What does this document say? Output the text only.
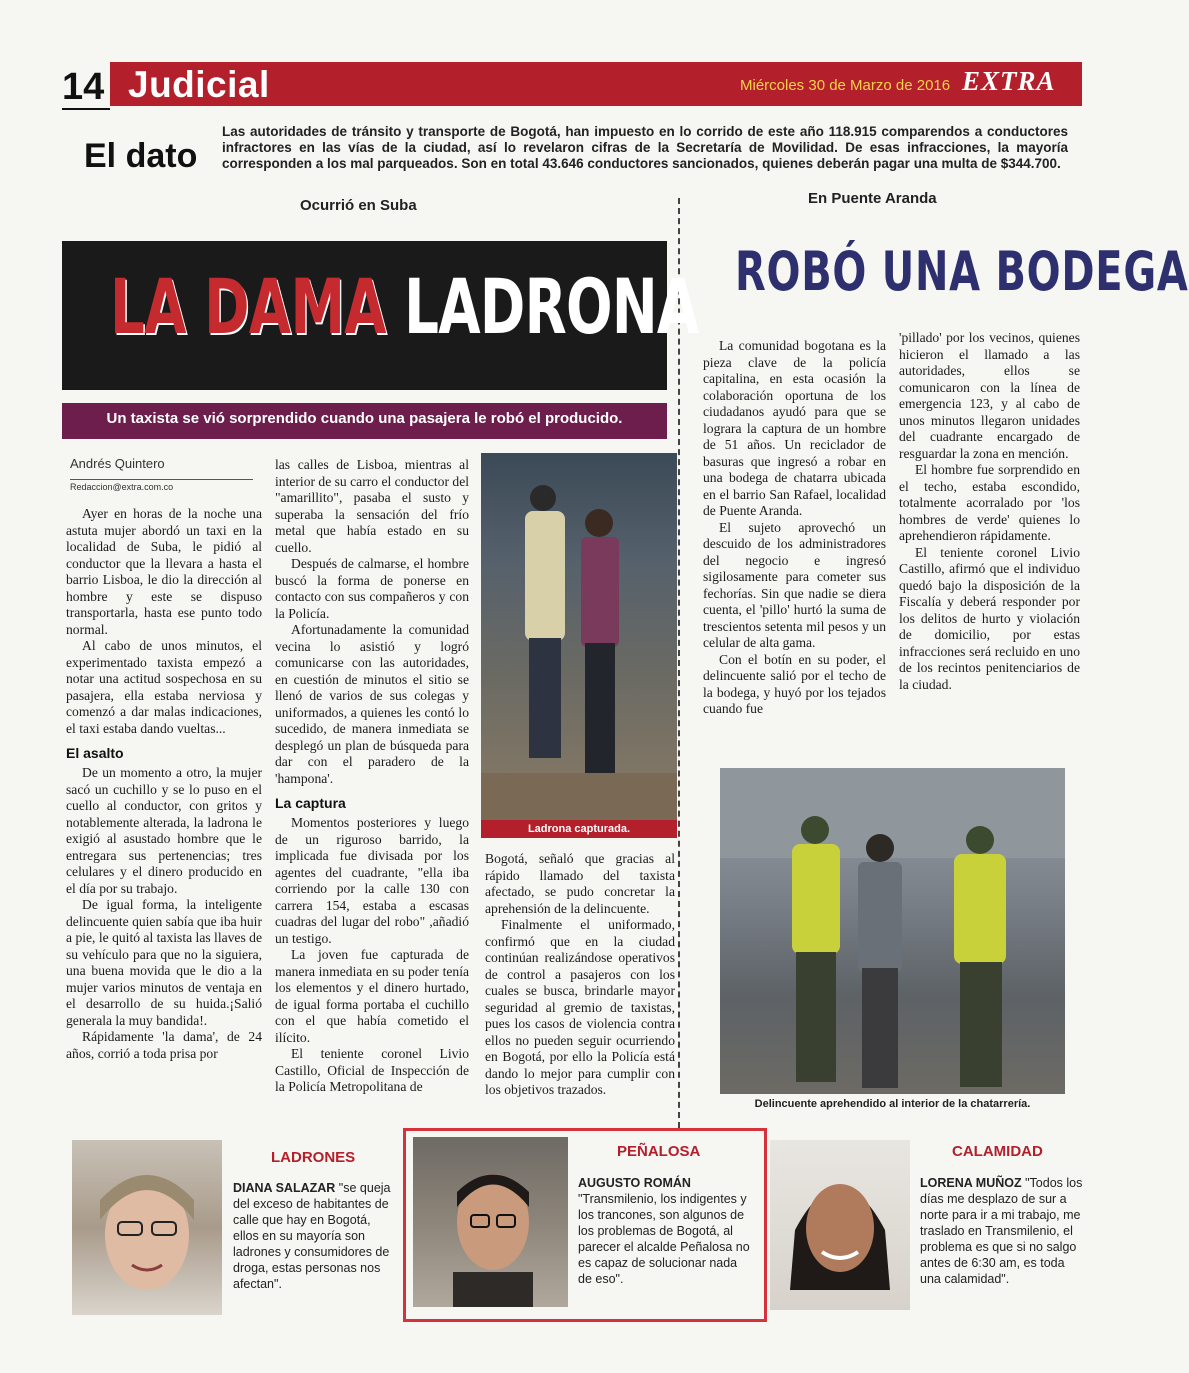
14 Judicial	Miércoles 30 de Marzo de 2016 EXTRA
El dato
Las autoridades de tránsito y transporte de Bogotá, han impuesto en lo corrido de este año 118.915 comparendos a conductores infractores en las vías de la ciudad, así lo revelaron cifras de la Secretaría de Movilidad. De esas infracciones, la mayoría corresponden a los mal parqueados. Son en total 43.646 conductores sancionados, quienes deberán pagar una multa de $344.700.
Ocurrió en Suba
LA DAMA LADRONA
Un taxista se vió sorprendido cuando una pasajera le robó el producido.
Andrés Quintero
Redaccion@extra.com.co

Ayer en horas de la noche una astuta mujer abordó un taxi en la localidad de Suba, le pidió al conductor que la llevara a hasta el barrio Lisboa, le dio la dirección al hombre y este se dispuso transportarla, hasta ese punto todo normal.

Al cabo de unos minutos, el experimentado taxista empezó a notar una actitud sospechosa en su pasajera, ella estaba nerviosa y comenzó a dar malas indicaciones, el taxi estaba dando vueltas...

El asalto

De un momento a otro, la mujer sacó un cuchillo y se lo puso en el cuello al conductor, con gritos y notablemente alterada, la ladrona le exigió al asustado hombre que le entregara sus pertenencias; tres celulares y el dinero producido en el día por su trabajo.

De igual forma, la inteligente delincuente quien sabía que iba huir a pie, le quitó al taxista las llaves de su vehículo para que no la siguiera, una buena movida que le dio a la mujer varios minutos de ventaja en el desarrollo de su huida.¡Salió generala la muy bandida!.

Rápidamente 'la dama', de 24 años, corrió a toda prisa por

las calles de Lisboa, mientras al interior de su carro el conductor del "amarillito", pasaba el susto y superaba la sensación del frío metal que había estado en su cuello.

Después de calmarse, el hombre buscó la forma de ponerse en contacto con sus compañeros y con la Policía.

Afortunadamente la comunidad vecina lo asistió y logró comunicarse con las autoridades, en cuestión de minutos el sitio se llenó de varios de sus colegas y uniformados, a quienes les contó lo sucedido, de manera inmediata se desplegó un plan de búsqueda para dar con el paradero de la 'hampona'.

La captura

Momentos posteriores y luego de un riguroso barrido, la implicada fue divisada por los agentes del cuadrante, "ella iba corriendo por la calle 130 con carrera 154, estaba a escasas cuadras del lugar del robo" ,añadió un testigo.

La joven fue capturada de manera inmediata en su poder tenía los elementos y el dinero hurtado, de igual forma portaba el cuchillo con el que había cometido el ilícito.

El teniente coronel Livio Castillo, Oficial de Inspección de la Policía Metropolitana de

Ladrona capturada.

Bogotá, señaló que gracias al rápido llamado del taxista afectado, se pudo concretar la aprehensión de la delincuente.

Finalmente el uniformado, confirmó que en la ciudad continúan realizándose operativos de control a pasajeros con los cuales se busca, brindarle mayor seguridad al gremio de taxistas, pues los casos de violencia contra ellos no pueden seguir ocurriendo en Bogotá, por ello la Policía está dando lo mejor para cumplir con los objetivos trazados.

En Puente Aranda
ROBÓ UNA BODEGA

La comunidad bogotana es la pieza clave de la policía capitalina, en esta ocasión la colaboración oportuna de los ciudadanos ayudó para que se lograra la captura de un hombre de 51 años. Un reciclador de basuras que ingresó a robar en una bodega de chatarra ubicada en el barrio San Rafael, localidad de Puente Aranda.

El sujeto aprovechó un descuido de los administradores del negocio e ingresó sigilosamente para cometer sus fechorías. Sin que nadie se diera cuenta, el 'pillo' hurtó la suma de trescientos setenta mil pesos y un celular de alta gama.

Con el botín en su poder, el delincuente salió por el techo de la bodega, y huyó por los tejados cuando fue

'pillado' por los vecinos, quienes hicieron el llamado a las autoridades, ellos se comunicaron con la línea de emergencia 123, y al cabo de unos minutos llegaron unidades del cuadrante encargado de resguardar la zona en mención.

El hombre fue sorprendido en el techo, estaba escondido, totalmente acorralado por 'los hombres de verde' quienes lo aprehendieron rápidamente.

El teniente coronel Livio Castillo, afirmó que el individuo quedó bajo la disposición de la Fiscalía y deberá responder por los delitos de hurto y violación de domicilio, por estas infracciones será recluido en uno de los recintos penitenciarios de la ciudad.

Delincuente aprehendido al interior de la chatarrería.
LADRONES
DIANA SALAZAR "se queja del exceso de habitantes de calle que hay en Bogotá, ellos en su mayoría son ladrones y consumidores de droga, estas personas nos afectan".
PEÑALOSA
AUGUSTO ROMÁN "Transmilenio, los indigentes y los trancones, son algunos de los problemas de Bogotá, al parecer el alcalde Peñalosa no es capaz de solucionar nada de eso".
CALAMIDAD
LORENA MUÑOZ "Todos los días me desplazo de sur a norte para ir a mi trabajo, me traslado en Transmilenio, el problema es que si no salgo antes de 6:30 am, es toda una calamidad".
